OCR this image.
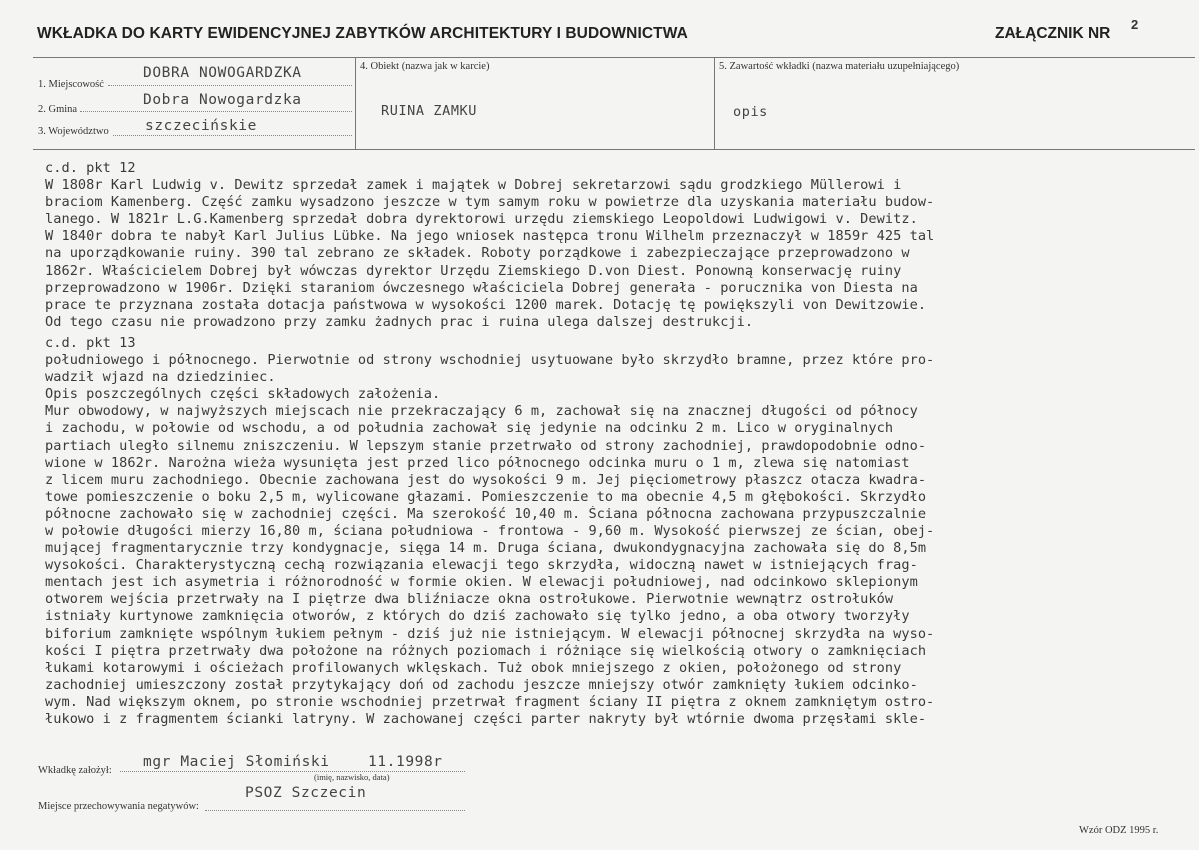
WKŁADKA DO KARTY EWIDENCYJNEJ ZABYTKÓW ARCHITEKTURY I BUDOWNICTWA	ZAŁĄCZNIK NR
2
1. Miejscowość
DOBRA NOWOGARDZKA
2. Gmina
Dobra Nowogardzka
3. Województwo	szczecińskie
4. Obiekt (nazwa jak w karcie)
RUINA ZAMKU
5. Zawartość wkładki (nazwa materiału uzupełniającego)
opis
c.d. pkt 12
W 1808r Karl Ludwig v. Dewitz sprzedał zamek i majątek w Dobrej sekretarzowi sądu grodzkiego Müllerowi i
braciom Kamenberg. Część zamku wysadzono jeszcze w tym samym roku w powietrze dla uzyskania materiału budow-
lanego. W 1821r L.G.Kamenberg sprzedał dobra dyrektorowi urzędu ziemskiego Leopoldowi Ludwigowi v. Dewitz.
W 1840r dobra te nabył Karl Julius Lübke. Na jego wniosek następca tronu Wilhelm przeznaczył w 1859r 425 tal
na uporządkowanie ruiny. 390 tal zebrano ze składek. Roboty porządkowe i zabezpieczające przeprowadzono w
1862r. Właścicielem Dobrej był wówczas dyrektor Urzędu Ziemskiego D.von Diest. Ponowną konserwację ruiny
przeprowadzono w 1906r. Dzięki staraniom ówczesnego właściciela Dobrej generała - porucznika von Diesta na
prace te przyznana została dotacja państwowa w wysokości 1200 marek. Dotację tę powiększyli von Dewitzowie.
Od tego czasu nie prowadzono przy zamku żadnych prac i ruina ulega dalszej destrukcji.
c.d. pkt 13
południowego i północnego. Pierwotnie od strony wschodniej usytuowane było skrzydło bramne, przez które pro-
wadził wjazd na dziedziniec.
Opis poszczególnych części składowych założenia.
Mur obwodowy, w najwyższych miejscach nie przekraczający 6 m, zachował się na znacznej długości od północy
i zachodu, w połowie od wschodu, a od południa zachował się jedynie na odcinku 2 m. Lico w oryginalnych
partiach uległo silnemu zniszczeniu. W lepszym stanie przetrwało od strony zachodniej, prawdopodobnie odno-
wione w 1862r. Narożna wieża wysunięta jest przed lico północnego odcinka muru o 1 m, zlewa się natomiast
z licem muru zachodniego. Obecnie zachowana jest do wysokości 9 m. Jej pięciometrowy płaszcz otacza kwadra-
towe pomieszczenie o boku 2,5 m, wylicowane głazami. Pomieszczenie to ma obecnie 4,5 m głębokości. Skrzydło
północne zachowało się w zachodniej części. Ma szerokość 10,40 m. Ściana północna zachowana przypuszczalnie
w połowie długości mierzy 16,80 m, ściana południowa - frontowa - 9,60 m. Wysokość pierwszej ze ścian, obej-
mującej fragmentarycznie trzy kondygnacje, sięga 14 m. Druga ściana, dwukondygnacyjna zachowała się do 8,5m
wysokości. Charakterystyczną cechą rozwiązania elewacji tego skrzydła, widoczną nawet w istniejących frag-
mentach jest ich asymetria i różnorodność w formie okien. W elewacji południowej, nad odcinkowo sklepionym
otworem wejścia przetrwały na I piętrze dwa bliźniacze okna ostrołukowe. Pierwotnie wewnątrz ostrołuków
istniały kurtynowe zamknięcia otworów, z których do dziś zachowało się tylko jedno, a oba otwory tworzyły
biforium zamknięte wspólnym łukiem pełnym - dziś już nie istniejącym. W elewacji północnej skrzydła na wyso-
kości I piętra przetrwały dwa położone na różnych poziomach i różniące się wielkością otwory o zamknięciach
łukami kotarowymi i ościeżach profilowanych wklęskach. Tuż obok mniejszego z okien, położonego od strony
zachodniej umieszczony został przytykający doń od zachodu jeszcze mniejszy otwór zamknięty łukiem odcinko-
wym. Nad większym oknem, po stronie wschodniej przetrwał fragment ściany II piętra z oknem zamkniętym ostro-
łukowo i z fragmentem ścianki latryny. W zachowanej części parter nakryty był wtórnie dwoma przęsłami skle-
Wkładkę założył:
mgr Maciej Słomiński	11.1998r
(imię, nazwisko, data)
Miejsce przechowywania negatywów:
PSOZ Szczecin
Wzór ODZ 1995 r.
